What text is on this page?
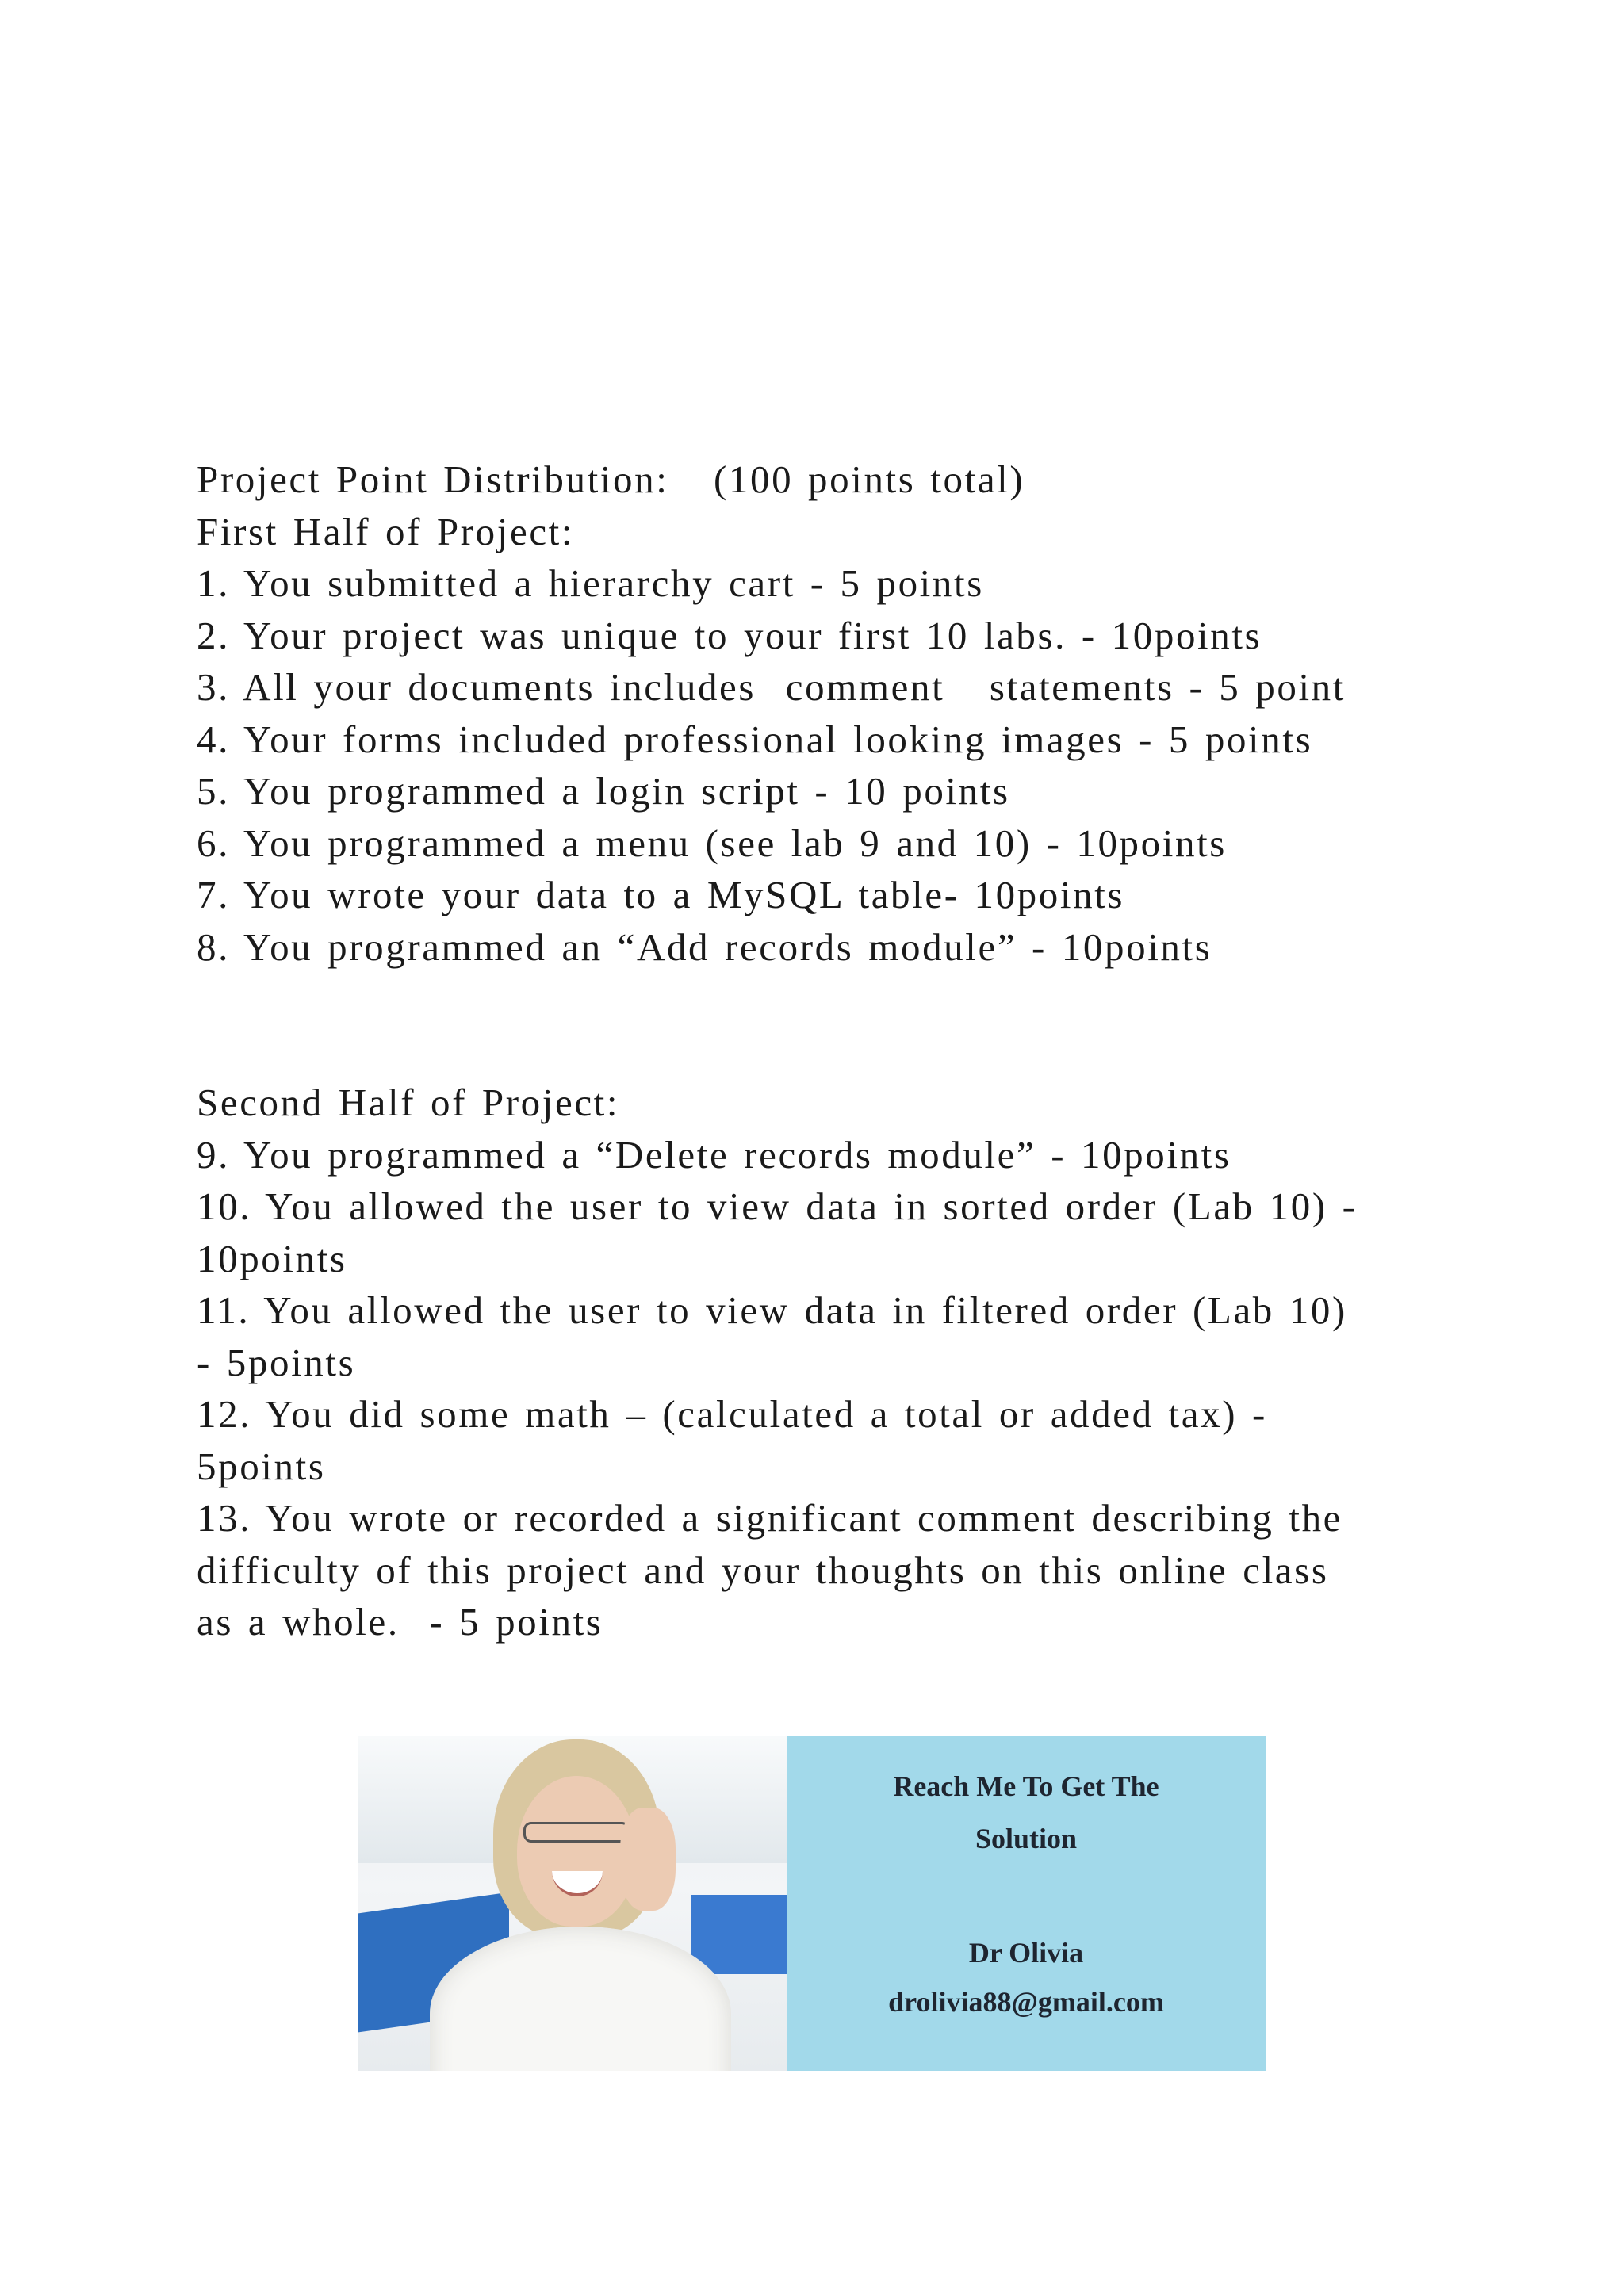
Project Point Distribution:   (100 points total)
First Half of Project:
1. You submitted a hierarchy cart - 5 points
2. Your project was unique to your first 10 labs. - 10points
3. All your documents includes  comment   statements - 5 point
4. Your forms included professional looking images - 5 points
5. You programmed a login script - 10 points
6. You programmed a menu (see lab 9 and 10) - 10points
7. You wrote your data to a MySQL table- 10points
8. You programmed an “Add records module” - 10points
Second Half of Project:
9. You programmed a “Delete records module” - 10points
10. You allowed the user to view data in sorted order (Lab 10) -
10points
11. You allowed the user to view data in filtered order (Lab 10)
- 5points
12. You did some math – (calculated a total or added tax) -
5points
13. You wrote or recorded a significant comment describing the
difficulty of this project and your thoughts on this online class
as a whole.  - 5 points
Reach Me To Get The
Solution
Dr Olivia
drolivia88@gmail.com
